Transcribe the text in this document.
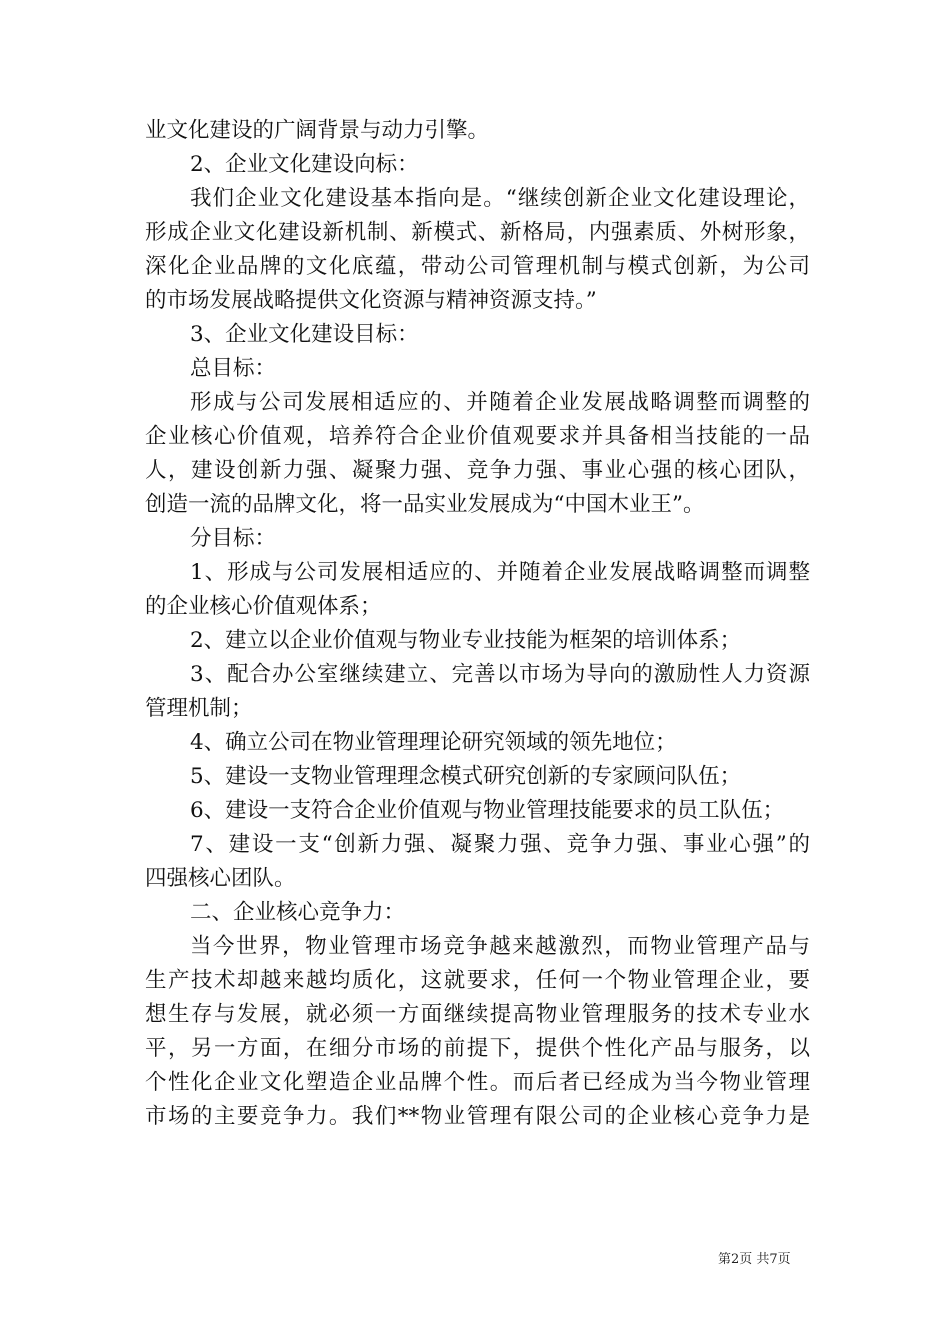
业文化建设的广阔背景与动力引擎。
2、企业文化建设向标：
我们企业文化建设基本指向是。“继续创新企业文化建设理论，
形成企业文化建设新机制、新模式、新格局，内强素质、外树形象，
深化企业品牌的文化底蕴，带动公司管理机制与模式创新，为公司
的市场发展战略提供文化资源与精神资源支持。”
3、企业文化建设目标：
总目标：
形成与公司发展相适应的、并随着企业发展战略调整而调整的
企业核心价值观，培养符合企业价值观要求并具备相当技能的一品
人，建设创新力强、凝聚力强、竞争力强、事业心强的核心团队，
创造一流的品牌文化，将一品实业发展成为“中国木业王”。
分目标：
1、形成与公司发展相适应的、并随着企业发展战略调整而调整
的企业核心价值观体系；
2、建立以企业价值观与物业专业技能为框架的培训体系；
3、配合办公室继续建立、完善以市场为导向的激励性人力资源
管理机制；
4、确立公司在物业管理理论研究领域的领先地位；
5、建设一支物业管理理念模式研究创新的专家顾问队伍；
6、建设一支符合企业价值观与物业管理技能要求的员工队伍；
7、建设一支“创新力强、凝聚力强、竞争力强、事业心强”的
四强核心团队。
二、企业核心竞争力：
当今世界，物业管理市场竞争越来越激烈，而物业管理产品与
生产技术却越来越均质化，这就要求，任何一个物业管理企业，要
想生存与发展，就必须一方面继续提高物业管理服务的技术专业水
平，另一方面，在细分市场的前提下，提供个性化产品与服务，以
个性化企业文化塑造企业品牌个性。而后者已经成为当今物业管理
市场的主要竞争力。我们**物业管理有限公司的企业核心竞争力是
第2页 共7页
